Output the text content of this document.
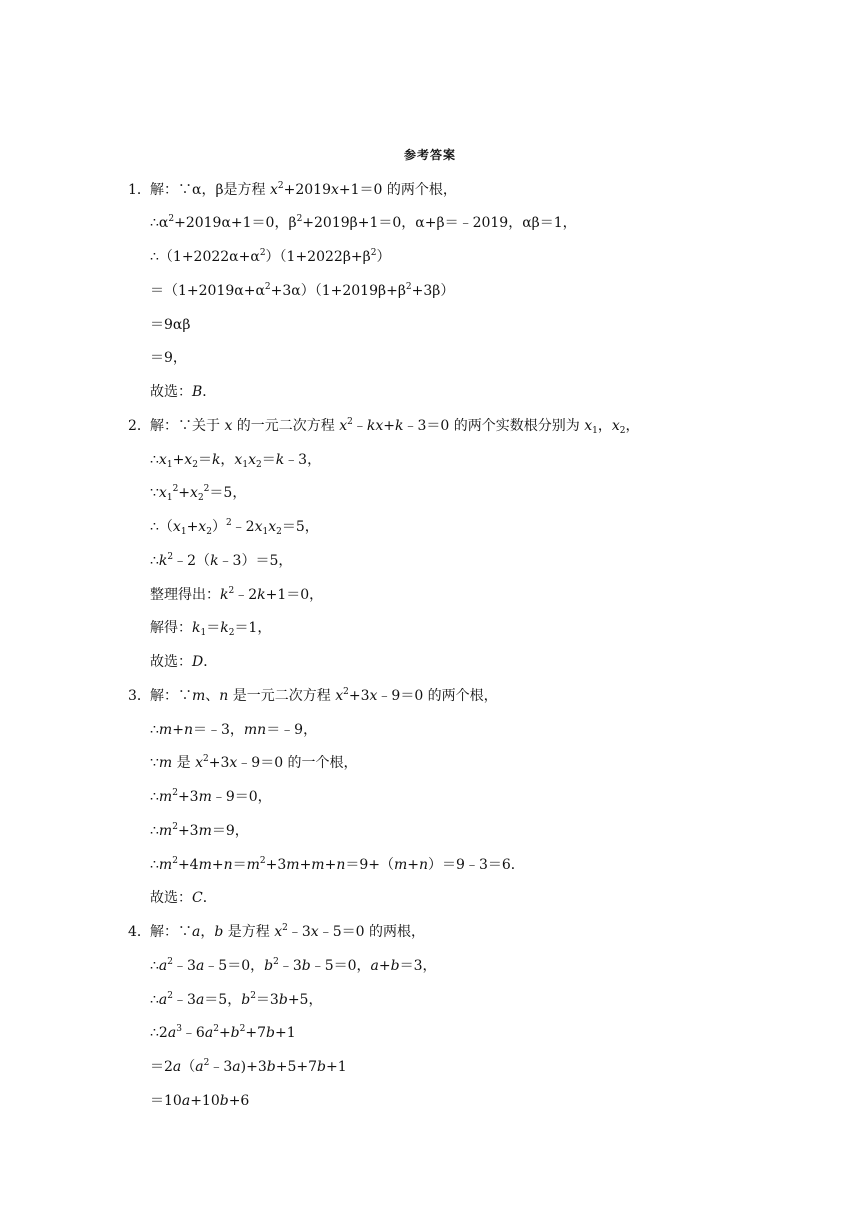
参考答案
1． 解：∵α，β是方程 $x^2+2019x+1=0$ 的两个根，
$\therefore\alpha^2+2019\alpha+1=0$，$\beta^2+2019\beta+1=0$，α+β＝﹣2019，αβ＝1，
$\therefore(1+2022\alpha+\alpha^2)(1+2022\beta+\beta^2)$
$=(1+2019\alpha+\alpha^2+3\alpha)(1+2019\beta+\beta^2+3\beta)$
＝9αβ
＝9，
故选：B．
2． 解：∵关于 x 的一元二次方程 $x^2﹣kx+k﹣3=0$ 的两个实数根分别为 $x_1$，$x_2$，
$\therefore x_1+x_2=k$，$x_1x_2=k﹣3$，
$\because x_1^2+x_2^2=5$，
$\therefore(x_1+x_2)^2﹣2x_1x_2=5$，
$\therefore k^2﹣2(k﹣3)=5$，
整理得出：$k^2﹣2k+1=0$，
解得：$k_1=k_2=1$，
故选：D．
3． 解：∵m、n 是一元二次方程 $x^2+3x﹣9=0$ 的两个根，
∴m+n＝﹣3，mn＝﹣9，
∵m 是 $x^2+3x﹣9=0$ 的一个根，
$\therefore m^2+3m﹣9=0$，
$\therefore m^2+3m=9$，
$\therefore m^2+4m+n=m^2+3m+m+n=9+(m+n)=9﹣3=6$．
故选：C．
4． 解：∵a，b 是方程 $x^2﹣3x﹣5=0$ 的两根，
$\therefore a^2﹣3a﹣5=0$，$b^2﹣3b﹣5=0$，a+b＝3，
$\therefore a^2﹣3a=5$，$b^2=3b+5$，
$\therefore 2a^3﹣6a^2+b^2+7b+1$
$=2a(a^2﹣3a)+3b+5+7b+1$
＝10a+10b+6
